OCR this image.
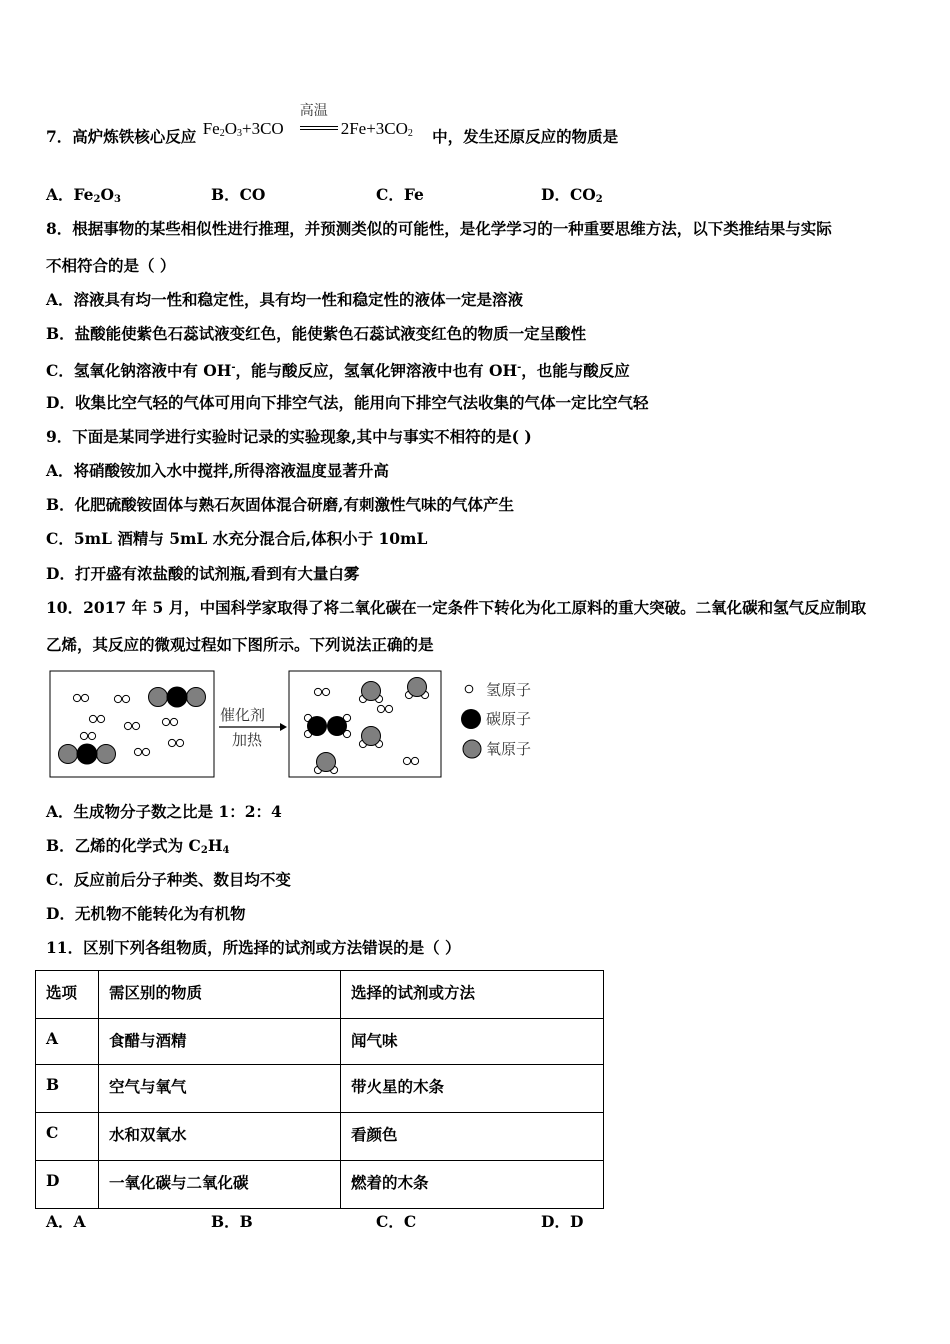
7．高炉炼铁核心反应 $Fe_2O_3+3CO$
高温
$2Fe+3CO_2$ 中，发生还原反应的物质是
A．$Fe_2O_3$	B．CO	C．Fe	D．$CO_2$
8．根据事物的某些相似性进行推理，并预测类似的可能性，是化学学习的一种重要思维方法，以下类推结果与实际
不相符合的是（ ）
A．溶液具有均一性和稳定性，具有均一性和稳定性的液体一定是溶液
B．盐酸能使紫色石蕊试液变红色，能使紫色石蕊试液变红色的物质一定呈酸性
C．氢氧化钠溶液中有 OH-，能与酸反应，氢氧化钾溶液中也有 OH-，也能与酸反应
D．收集比空气轻的气体可用向下排空气法，能用向下排空气法收集的气体一定比空气轻
9．下面是某同学进行实验时记录的实验现象,其中与事实不相符的是( )
A．将硝酸铵加入水中搅拌,所得溶液温度显著升高
B．化肥硫酸铵固体与熟石灰固体混合研磨,有刺激性气味的气体产生
C．5mL 酒精与 5mL 水充分混合后,体积小于 10mL
D．打开盛有浓盐酸的试剂瓶,看到有大量白雾
10．2017 年 5 月，中国科学家取得了将二氧化碳在一定条件下转化为化工原料的重大突破。二氧化碳和氢气反应制取
乙烯，其反应的微观过程如下图所示。下列说法正确的是
催化剂
加热
氢原子
碳原子
氧原子
A．生成物分子数之比是 1：2：4
B．乙烯的化学式为 $C_2H_4$
C．反应前后分子种类、数目均不变
D．无机物不能转化为有机物
11．区别下列各组物质，所选择的试剂或方法错误的是（ ）
选项	需区别的物质	选择的试剂或方法
A	食醋与酒精	闻气味
B	空气与氧气	带火星的木条
C	水和双氧水	看颜色
D	一氧化碳与二氧化碳	燃着的木条
A．A	B．B	C．C	D．D
